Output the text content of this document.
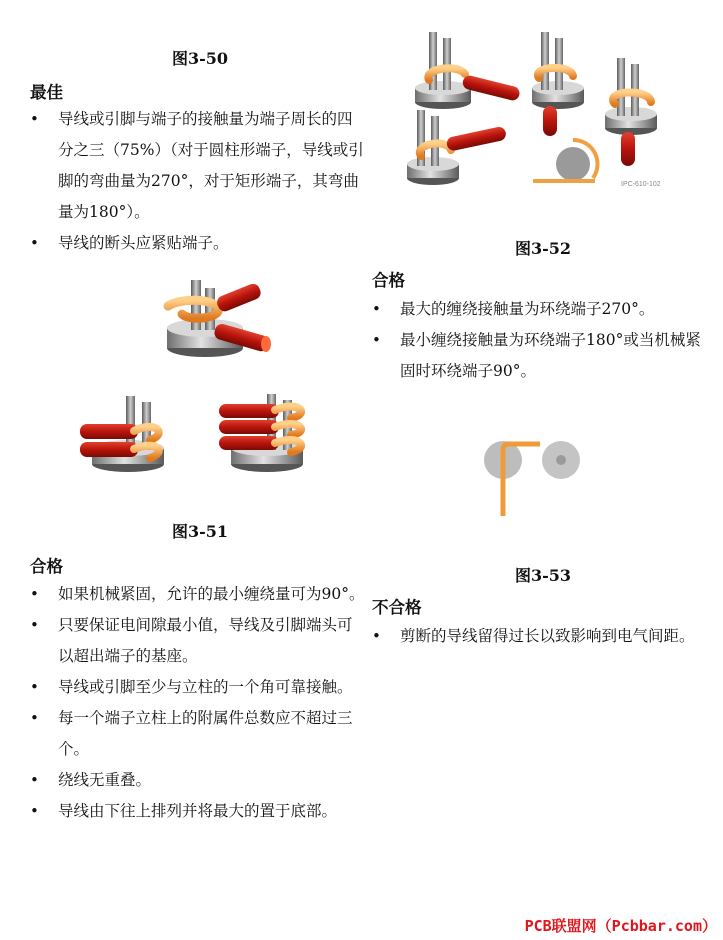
图3-50
最佳
• 导线或引脚与端子的接触量为端子周长的四分之三（75%）（对于圆柱形端子，导线或引脚的弯曲量为270°，对于矩形端子，其弯曲量为180°）。
• 导线的断头应紧贴端子。
图3-51
合格
• 如果机械紧固，允许的最小缠绕量可为90°。
• 只要保证电间隙最小值，导线及引脚端头可以超出端子的基座。
• 导线或引脚至少与立柱的一个角可靠接触。
• 每一个端子立柱上的附属件总数应不超过三个。
• 绕线无重叠。
• 导线由下往上排列并将最大的置于底部。
IPC-610-102
图3-52
合格
• 最大的缠绕接触量为环绕端子270°。
• 最小缠绕接触量为环绕端子180°或当机械紧固时环绕端子90°。
图3-53
不合格
• 剪断的导线留得过长以致影响到电气间距。
PCB联盟网（Pcbbar.com）
